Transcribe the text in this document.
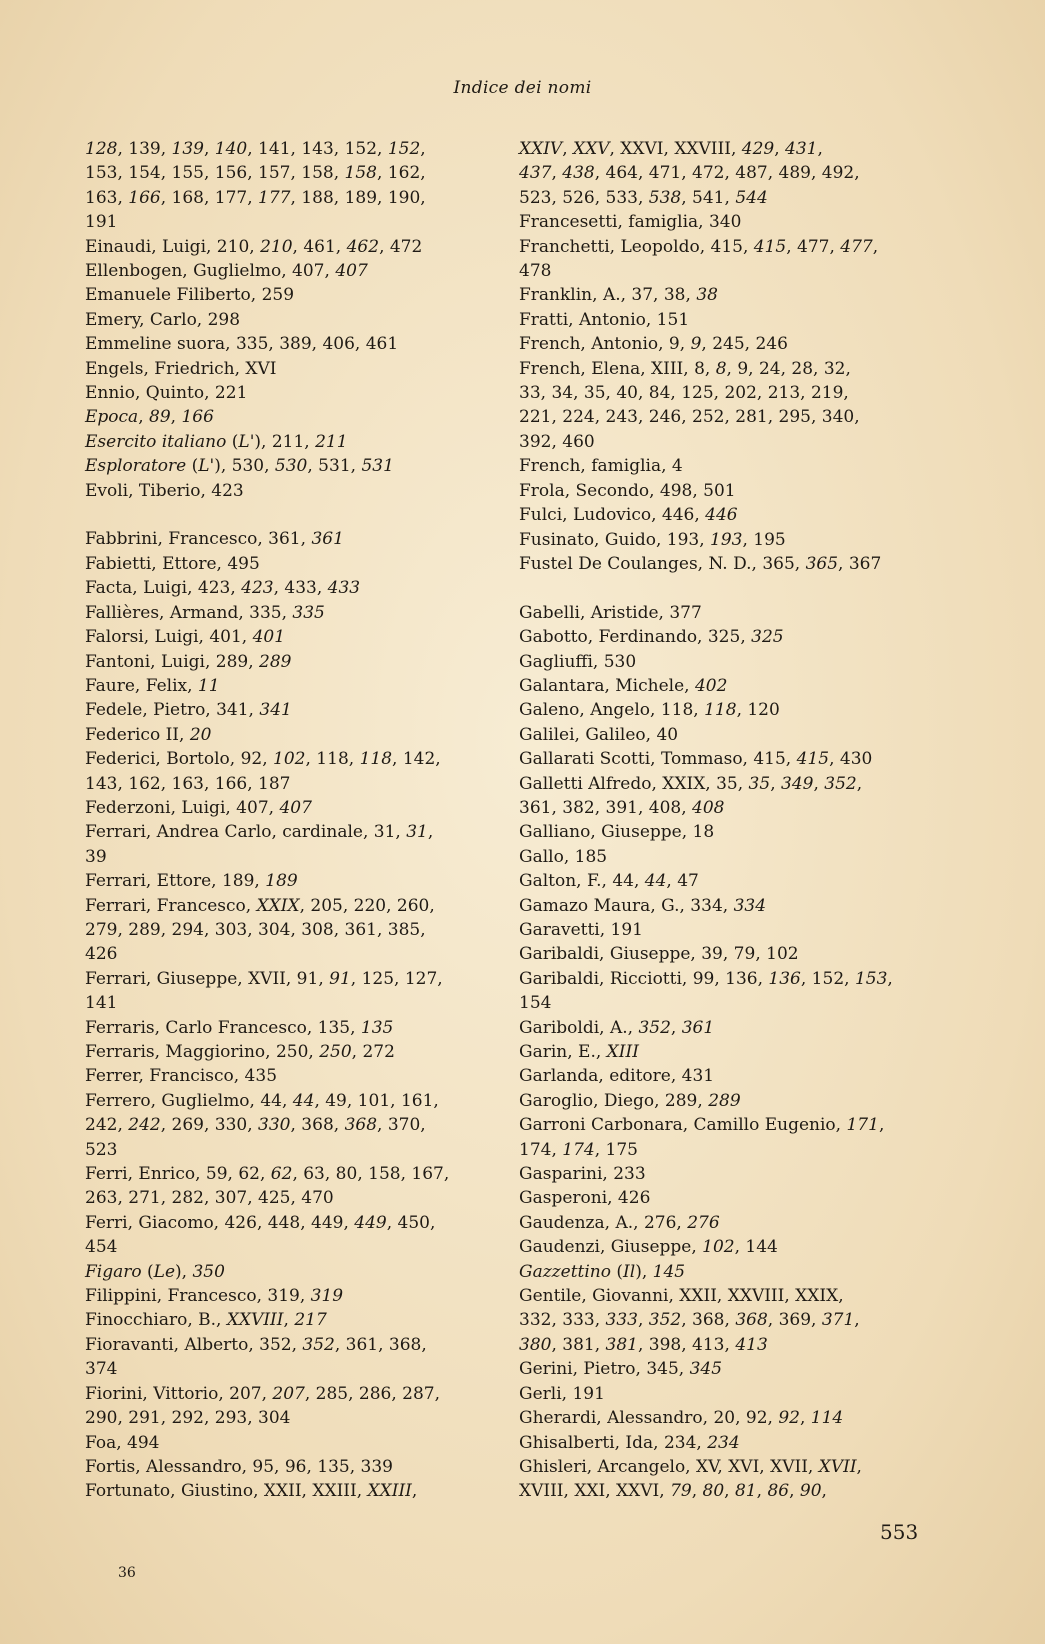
Indice dei nomi
128, 139, 139, 140, 141, 143, 152, 152,
153, 154, 155, 156, 157, 158, 158, 162,
163, 166, 168, 177, 177, 188, 189, 190,
191
Einaudi, Luigi, 210, 210, 461, 462, 472
Ellenbogen, Guglielmo, 407, 407
Emanuele Filiberto, 259
Emery, Carlo, 298
Emmeline suora, 335, 389, 406, 461
Engels, Friedrich, XVI
Ennio, Quinto, 221
Epoca, 89, 166
Esercito italiano (L'), 211, 211
Esploratore (L'), 530, 530, 531, 531
Evoli, Tiberio, 423
Fabbrini, Francesco, 361, 361
Fabietti, Ettore, 495
Facta, Luigi, 423, 423, 433, 433
Fallières, Armand, 335, 335
Falorsi, Luigi, 401, 401
Fantoni, Luigi, 289, 289
Faure, Felix, 11
Fedele, Pietro, 341, 341
Federico II, 20
Federici, Bortolo, 92, 102, 118, 118, 142,
143, 162, 163, 166, 187
Federzoni, Luigi, 407, 407
Ferrari, Andrea Carlo, cardinale, 31, 31,
39
Ferrari, Ettore, 189, 189
Ferrari, Francesco, XXIX, 205, 220, 260,
279, 289, 294, 303, 304, 308, 361, 385,
426
Ferrari, Giuseppe, XVII, 91, 91, 125, 127,
141
Ferraris, Carlo Francesco, 135, 135
Ferraris, Maggiorino, 250, 250, 272
Ferrer, Francisco, 435
Ferrero, Guglielmo, 44, 44, 49, 101, 161,
242, 242, 269, 330, 330, 368, 368, 370,
523
Ferri, Enrico, 59, 62, 62, 63, 80, 158, 167,
263, 271, 282, 307, 425, 470
Ferri, Giacomo, 426, 448, 449, 449, 450,
454
Figaro (Le), 350
Filippini, Francesco, 319, 319
Finocchiaro, B., XXVIII, 217
Fioravanti, Alberto, 352, 352, 361, 368,
374
Fiorini, Vittorio, 207, 207, 285, 286, 287,
290, 291, 292, 293, 304
Foa, 494
Fortis, Alessandro, 95, 96, 135, 339
Fortunato, Giustino, XXII, XXIII, XXIII,
XXIV, XXV, XXVI, XXVIII, 429, 431,
437, 438, 464, 471, 472, 487, 489, 492,
523, 526, 533, 538, 541, 544
Francesetti, famiglia, 340
Franchetti, Leopoldo, 415, 415, 477, 477,
478
Franklin, A., 37, 38, 38
Fratti, Antonio, 151
French, Antonio, 9, 9, 245, 246
French, Elena, XIII, 8, 8, 9, 24, 28, 32,
33, 34, 35, 40, 84, 125, 202, 213, 219,
221, 224, 243, 246, 252, 281, 295, 340,
392, 460
French, famiglia, 4
Frola, Secondo, 498, 501
Fulci, Ludovico, 446, 446
Fusinato, Guido, 193, 193, 195
Fustel De Coulanges, N. D., 365, 365, 367
Gabelli, Aristide, 377
Gabotto, Ferdinando, 325, 325
Gagliuffi, 530
Galantara, Michele, 402
Galeno, Angelo, 118, 118, 120
Galilei, Galileo, 40
Gallarati Scotti, Tommaso, 415, 415, 430
Galletti Alfredo, XXIX, 35, 35, 349, 352,
361, 382, 391, 408, 408
Galliano, Giuseppe, 18
Gallo, 185
Galton, F., 44, 44, 47
Gamazo Maura, G., 334, 334
Garavetti, 191
Garibaldi, Giuseppe, 39, 79, 102
Garibaldi, Ricciotti, 99, 136, 136, 152, 153,
154
Gariboldi, A., 352, 361
Garin, E., XIII
Garlanda, editore, 431
Garoglio, Diego, 289, 289
Garroni Carbonara, Camillo Eugenio, 171,
174, 174, 175
Gasparini, 233
Gasperoni, 426
Gaudenza, A., 276, 276
Gaudenzi, Giuseppe, 102, 144
Gazzettino (Il), 145
Gentile, Giovanni, XXII, XXVIII, XXIX,
332, 333, 333, 352, 368, 368, 369, 371,
380, 381, 381, 398, 413, 413
Gerini, Pietro, 345, 345
Gerli, 191
Gherardi, Alessandro, 20, 92, 92, 114
Ghisalberti, Ida, 234, 234
Ghisleri, Arcangelo, XV, XVI, XVII, XVII,
XVIII, XXI, XXVI, 79, 80, 81, 86, 90,
553
36
